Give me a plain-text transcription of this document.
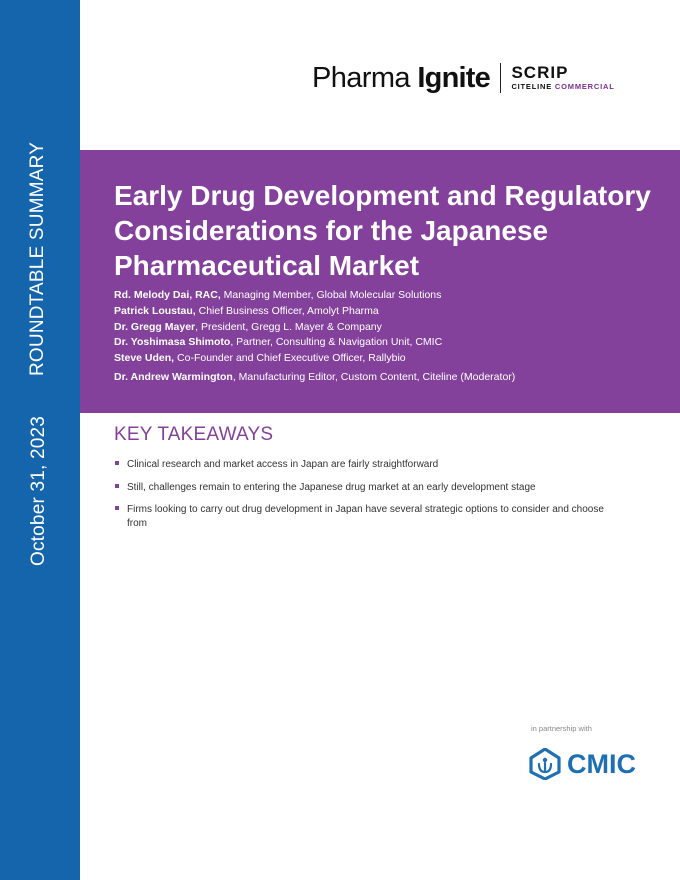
ROUNDTABLE SUMMARY
October 31, 2023
Pharma Ignite SCRIP
CITELINE COMMERCIAL
Early Drug Development and Regulatory Considerations for the Japanese Pharmaceutical Market
Rd. Melody Dai, RAC, Managing Member, Global Molecular Solutions
Patrick Loustau, Chief Business Officer, Amolyt Pharma
Dr. Gregg Mayer, President, Gregg L. Mayer & Company
Dr. Yoshimasa Shimoto, Partner, Consulting & Navigation Unit, CMIC
Steve Uden, Co-Founder and Chief Executive Officer, Rallybio
Dr. Andrew Warmington, Manufacturing Editor, Custom Content, Citeline (Moderator)
KEY TAKEAWAYS
Clinical research and market access in Japan are fairly straightforward
Still, challenges remain to entering the Japanese drug market at an early development stage
Firms looking to carry out drug development in Japan have several strategic options to consider and choose from
in partnership with
CMIC
